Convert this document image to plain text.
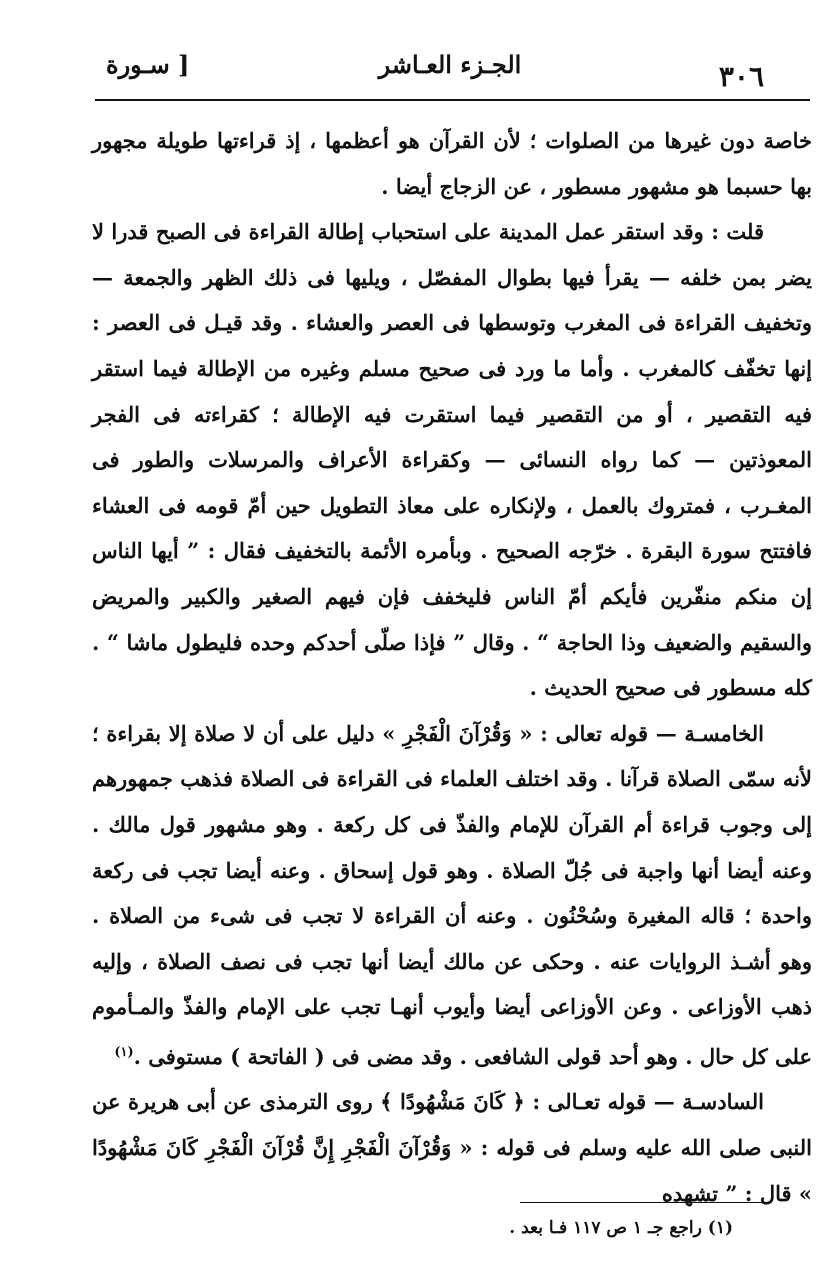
٣٠٦
الجـزء العـاشر
[ سـورة

خاصة دون غيرها من الصلوات ؛ لأن القرآن هو أعظمها ، إذ قراءتها طويلة مجهور بها حسبما هو مشهور مسطور ، عن الزجاج أيضا .

قلت : وقد استقر عمل المدينة على استحباب إطالة القراءة فى الصبح قدرا لا يضر بمن خلفه — يقرأ فيها بطوال المفصّل ، ويليها فى ذلك الظهر والجمعة — وتخفيف القراءة فى المغرب وتوسطها فى العصر والعشاء . وقد قيـل فى العصر : إنها تخفّف كالمغرب . وأما ما ورد فى صحيح مسلم وغيره من الإطالة فيما استقر فيه التقصير ، أو من التقصير فيما استقرت فيه الإطالة ؛ كقراءته فى الفجر المعوذتين — كما رواه النسائى — وكقراءة الأعراف والمرسلات والطور فى المغـرب ، فمتروك بالعمل ، ولإنكاره على معاذ التطويل حين أمّ قومه فى العشاء فافتتح سورة البقرة . خرّجه الصحيح . وبأمره الأئمة بالتخفيف فقال : ” أيها الناس إن منكم منفّرين فأيكم أمّ الناس فليخفف فإن فيهم الصغير والكبير والمريض والسقيم والضعيف وذا الحاجة “ . وقال ” فإذا صلّى أحدكم وحده فليطول ماشا “ . كله مسطور فى صحيح الحديث .

الخامسـة — قوله تعالى : « وَقُرْآنَ الْفَجْرِ » دليل على أن لا صلاة إلا بقراءة ؛ لأنه سمّى الصلاة قرآنا . وقد اختلف العلماء فى القراءة فى الصلاة فذهب جمهورهم إلى وجوب قراءة أم القرآن للإمام والفذّ فى كل ركعة . وهو مشهور قول مالك . وعنه أيضا أنها واجبة فى جُلّ الصلاة . وهو قول إسحاق . وعنه أيضا تجب فى ركعة واحدة ؛ قاله المغيرة وسُحْنُون . وعنه أن القراءة لا تجب فى شىء من الصلاة . وهو أشـذ الروايات عنه . وحكى عن مالك أيضا أنها تجب فى نصف الصلاة ، وإليه ذهب الأوزاعى . وعن الأوزاعى أيضا وأيوب أنهـا تجب على الإمام والفذّ والمـأموم على كل حال . وهو أحد قولى الشافعى . وقد مضى فى ( الفاتحة ) مستوفى .$^{(١)}$

السادسـة — قوله تعـالى : ﴿ كَانَ مَشْهُودًا ﴾ روى الترمذى عن أبى هريرة عن النبى صلى الله عليه وسلم فى قوله : « وَقُرْآنَ الْفَجْرِ إِنَّ قُرْآنَ الْفَجْرِ كَانَ مَشْهُودًا » قال : ” تشهده

(١) راجع جـ ١ ص ١١٧ فـا بعد .
